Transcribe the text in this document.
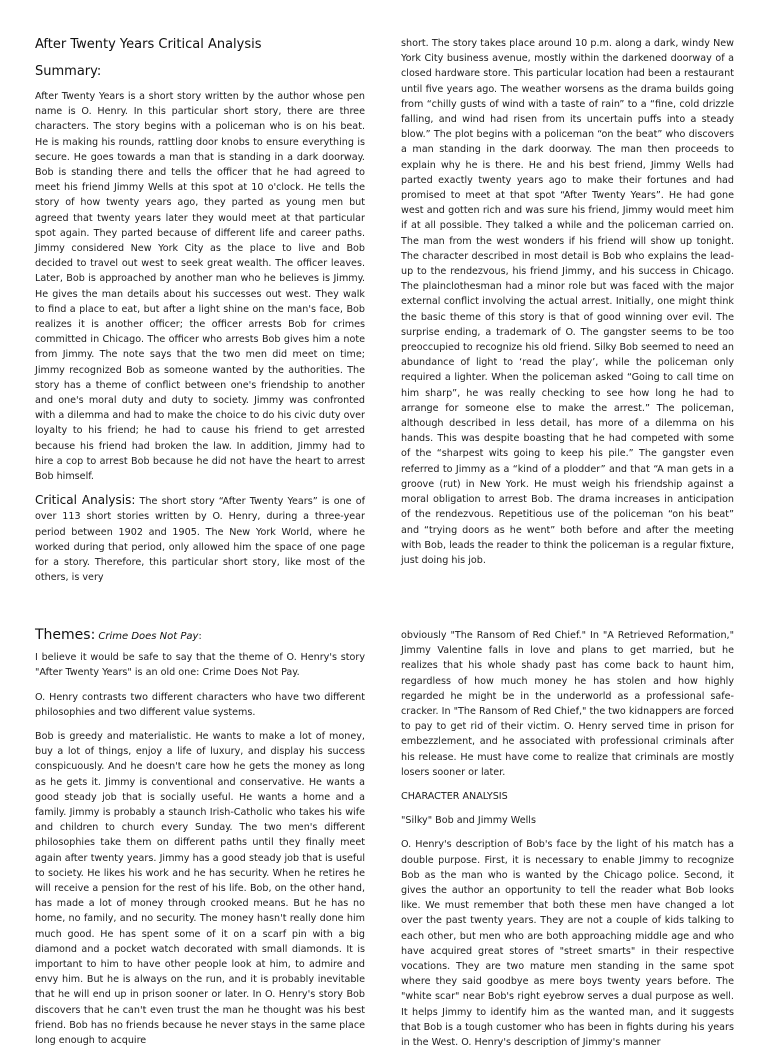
After Twenty Years Critical Analysis
Summary:

After Twenty Years is a short story written by the author whose pen name is O. Henry. In this particular short story, there are three characters. The story begins with a policeman who is on his beat. He is making his rounds, rattling door knobs to ensure everything is secure. He goes towards a man that is standing in a dark doorway. Bob is standing there and tells the officer that he had agreed to meet his friend Jimmy Wells at this spot at 10 o'clock. He tells the story of how twenty years ago, they parted as young men but agreed that twenty years later they would meet at that particular spot again. They parted because of different life and career paths. Jimmy considered New York City as the place to live and Bob decided to travel out west to seek great wealth. The officer leaves. Later, Bob is approached by another man who he believes is Jimmy. He gives the man details about his successes out west. They walk to find a place to eat, but after a light shine on the man's face, Bob realizes it is another officer; the officer arrests Bob for crimes committed in Chicago. The officer who arrests Bob gives him a note from Jimmy. The note says that the two men did meet on time; Jimmy recognized Bob as someone wanted by the authorities. The story has a theme of conflict between one's friendship to another and one's moral duty and duty to society. Jimmy was confronted with a dilemma and had to make the choice to do his civic duty over loyalty to his friend; he had to cause his friend to get arrested because his friend had broken the law. In addition, Jimmy had to hire a cop to arrest Bob because he did not have the heart to arrest Bob himself.

Critical Analysis: The short story “After Twenty Years” is one of over 113 short stories written by O. Henry, during a three-year period between 1902 and 1905. The New York World, where he worked during that period, only allowed him the space of one page for a story. Therefore, this particular short story, like most of the others, is very

short. The story takes place around 10 p.m. along a dark, windy New York City business avenue, mostly within the darkened doorway of a closed hardware store. This particular location had been a restaurant until five years ago. The weather worsens as the drama builds going from “chilly gusts of wind with a taste of rain” to a “fine, cold drizzle falling, and wind had risen from its uncertain puffs into a steady blow.” The plot begins with a policeman “on the beat” who discovers a man standing in the dark doorway. The man then proceeds to explain why he is there. He and his best friend, Jimmy Wells had parted exactly twenty years ago to make their fortunes and had promised to meet at that spot “After Twenty Years”. He had gone west and gotten rich and was sure his friend, Jimmy would meet him if at all possible. They talked a while and the policeman carried on. The man from the west wonders if his friend will show up tonight. The character described in most detail is Bob who explains the lead-up to the rendezvous, his friend Jimmy, and his success in Chicago. The plainclothesman had a minor role but was faced with the major external conflict involving the actual arrest. Initially, one might think the basic theme of this story is that of good winning over evil. The surprise ending, a trademark of O. The gangster seems to be too preoccupied to recognize his old friend. Silky Bob seemed to need an abundance of light to ‘read the play’, while the policeman only required a lighter. When the policeman asked “Going to call time on him sharp”, he was really checking to see how long he had to arrange for someone else to make the arrest.” The policeman, although described in less detail, has more of a dilemma on his hands. This was despite boasting that he had competed with some of the “sharpest wits going to keep his pile.” The gangster even referred to Jimmy as a “kind of a plodder” and that “A man gets in a groove (rut) in New York. He must weigh his friendship against a moral obligation to arrest Bob. The drama increases in anticipation of the rendezvous. Repetitious use of the policeman “on his beat” and “trying doors as he went” both before and after the meeting with Bob, leads the reader to think the policeman is a regular fixture, just doing his job.

Themes: Crime Does Not Pay:

I believe it would be safe to say that the theme of O. Henry's story "After Twenty Years" is an old one: Crime Does Not Pay.

O. Henry contrasts two different characters who have two different philosophies and two different value systems.

Bob is greedy and materialistic. He wants to make a lot of money, buy a lot of things, enjoy a life of luxury, and display his success conspicuously. And he doesn't care how he gets the money as long as he gets it. Jimmy is conventional and conservative. He wants a good steady job that is socially useful. He wants a home and a family. Jimmy is probably a staunch Irish-Catholic who takes his wife and children to church every Sunday. The two men's different philosophies take them on different paths until they finally meet again after twenty years. Jimmy has a good steady job that is useful to society. He likes his work and he has security. When he retires he will receive a pension for the rest of his life. Bob, on the other hand, has made a lot of money through crooked means. But he has no home, no family, and no security. The money hasn't really done him much good. He has spent some of it on a scarf pin with a big diamond and a pocket watch decorated with small diamonds. It is important to him to have other people look at him, to admire and envy him. But he is always on the run, and it is probably inevitable that he will end up in prison sooner or later. In O. Henry's story Bob discovers that he can't even trust the man he thought was his best friend. Bob has no friends because he never stays in the same place long enough to acquire

obviously "The Ransom of Red Chief." In "A Retrieved Reformation," Jimmy Valentine falls in love and plans to get married, but he realizes that his whole shady past has come back to haunt him, regardless of how much money he has stolen and how highly regarded he might be in the underworld as a professional safe-cracker. In "The Ransom of Red Chief," the two kidnappers are forced to pay to get rid of their victim. O. Henry served time in prison for embezzlement, and he associated with professional criminals after his release. He must have come to realize that criminals are mostly losers sooner or later.

CHARACTER ANALYSIS

"Silky" Bob and Jimmy Wells

O. Henry's description of Bob's face by the light of his match has a double purpose. First, it is necessary to enable Jimmy to recognize Bob as the man who is wanted by the Chicago police. Second, it gives the author an opportunity to tell the reader what Bob looks like. We must remember that both these men have changed a lot over the past twenty years. They are not a couple of kids talking to each other, but men who are both approaching middle age and who have acquired great stores of "street smarts" in their respective vocations. They are two mature men standing in the same spot where they said goodbye as mere boys twenty years before. The "white scar" near Bob's right eyebrow serves a dual purpose as well. It helps Jimmy to identify him as the wanted man, and it suggests that Bob is a tough customer who has been in fights during his years in the West. O. Henry's description of Jimmy's manner
